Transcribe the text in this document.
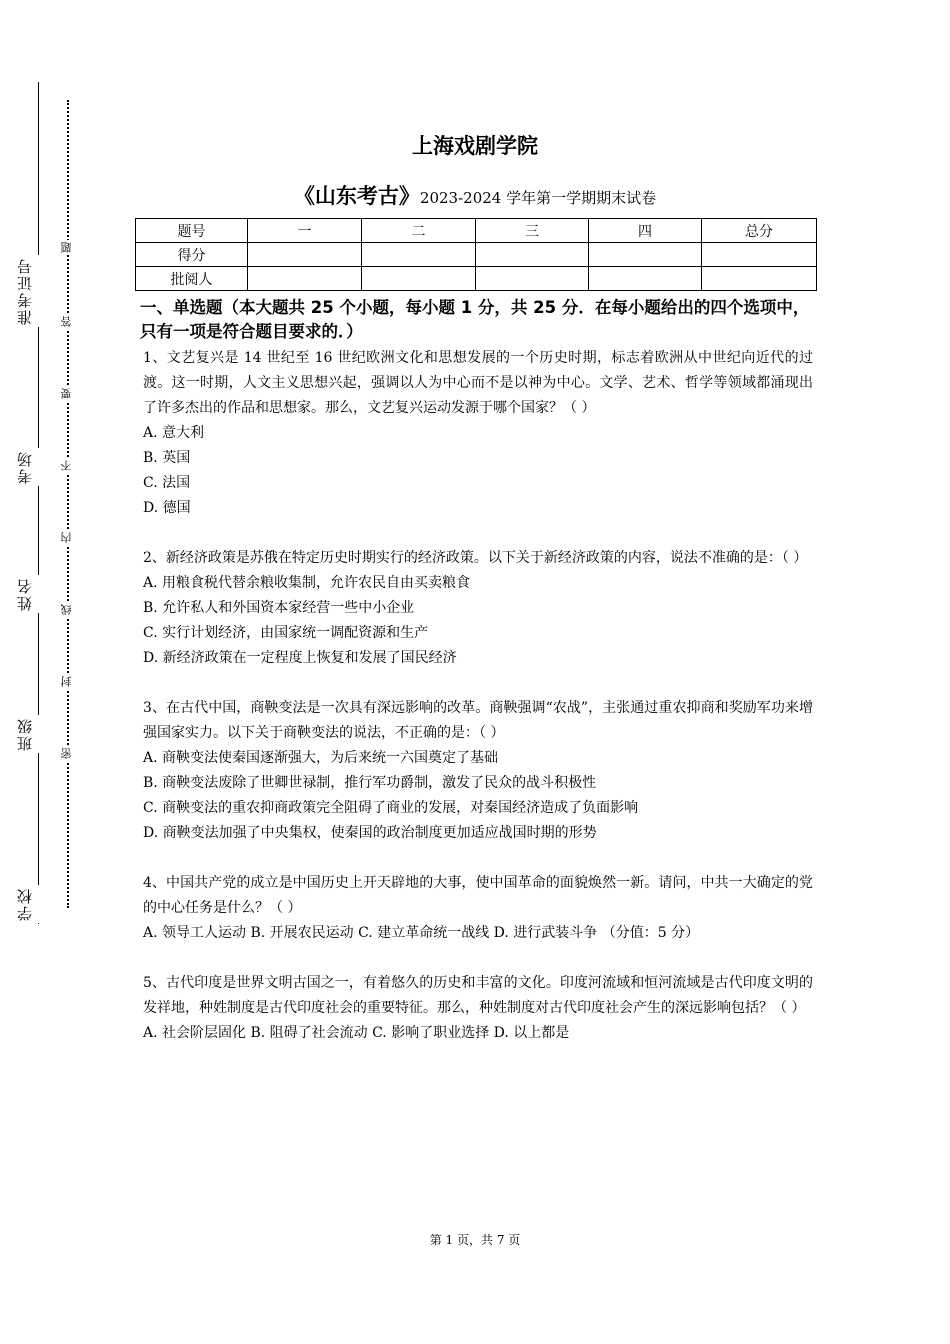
准考证号
考场
姓名
班级
学校
题
答
要
不
内
线
封
密
上海戏剧学院
《山东考古》2023-2024 学年第一学期期末试卷
题号	一	二	三	四	总分
得分					
批阅人					
一、单选题（本大题共 25 个小题，每小题 1 分，共 25 分．在每小题给出的四个选项中，只有一项是符合题目要求的．）
1、文艺复兴是 14 世纪至 16 世纪欧洲文化和思想发展的一个历史时期，标志着欧洲从中世纪向近代的过渡。这一时期，人文主义思想兴起，强调以人为中心而不是以神为中心。文学、艺术、哲学等领域都涌现出了许多杰出的作品和思想家。那么，文艺复兴运动发源于哪个国家？（ ）
A. 意大利
B. 英国
C. 法国
D. 德国
2、新经济政策是苏俄在特定历史时期实行的经济政策。以下关于新经济政策的内容，说法不准确的是：（ ）
A. 用粮食税代替余粮收集制，允许农民自由买卖粮食
B. 允许私人和外国资本家经营一些中小企业
C. 实行计划经济，由国家统一调配资源和生产
D. 新经济政策在一定程度上恢复和发展了国民经济
3、在古代中国，商鞅变法是一次具有深远影响的改革。商鞅强调“农战”，主张通过重农抑商和奖励军功来增强国家实力。以下关于商鞅变法的说法，不正确的是：（ ）
A. 商鞅变法使秦国逐渐强大，为后来统一六国奠定了基础
B. 商鞅变法废除了世卿世禄制，推行军功爵制，激发了民众的战斗积极性
C. 商鞅变法的重农抑商政策完全阻碍了商业的发展，对秦国经济造成了负面影响
D. 商鞅变法加强了中央集权，使秦国的政治制度更加适应战国时期的形势
4、中国共产党的成立是中国历史上开天辟地的大事，使中国革命的面貌焕然一新。请问，中共一大确定的党的中心任务是什么？（ ）
A. 领导工人运动 B. 开展农民运动 C. 建立革命统一战线 D. 进行武装斗争 （分值：5 分）
5、古代印度是世界文明古国之一，有着悠久的历史和丰富的文化。印度河流域和恒河流域是古代印度文明的发祥地，种姓制度是古代印度社会的重要特征。那么，种姓制度对古代印度社会产生的深远影响包括？（ ）
A. 社会阶层固化 B. 阻碍了社会流动 C. 影响了职业选择 D. 以上都是
第 1 页，共 7 页
